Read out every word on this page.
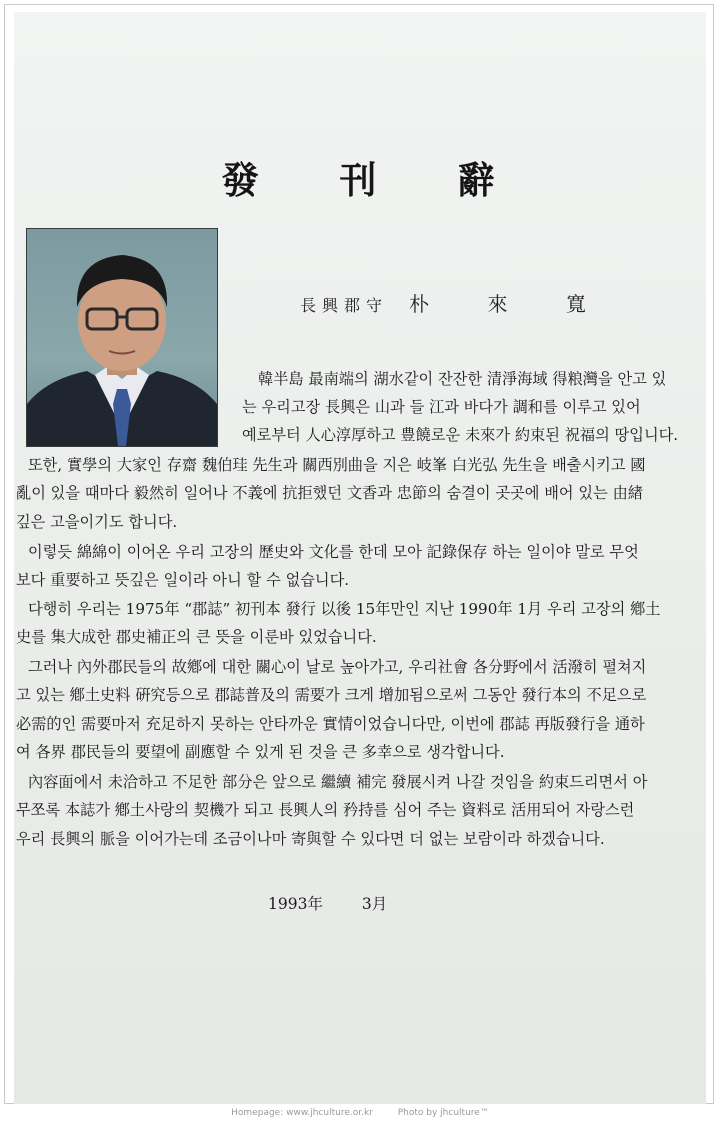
發 刊 辭
長興郡守 朴 來 寬
韓半島 最南端의 湖水같이 잔잔한 清淨海域 得粮灣을 안고 있
는 우리고장 長興은 山과 들 江과 바다가 調和를 이루고 있어
예로부터 人心淳厚하고 豊饒로운 未來가 約束된 祝福의 땅입니다.
또한, 實學의 大家인 存齋 魏伯珪 先生과 關西別曲을 지은 岐峯 白光弘 先生을 배출시키고 國
亂이 있을 때마다 毅然히 일어나 不義에 抗拒했던 文香과 忠節의 숨결이 곳곳에 배어 있는 由緖
깊은 고을이기도 합니다.
이렇듯 綿綿이 이어온 우리 고장의 歷史와 文化를 한데 모아 記錄保存 하는 일이야 말로 무엇
보다 重要하고 뜻깊은 일이라 아니 할 수 없습니다.
다행히 우리는 1975年 “郡誌” 初刊本 發行 以後 15年만인 지난 1990年 1月 우리 고장의 鄕土
史를 集大成한 郡史補正의 큰 뜻을 이룬바 있었습니다.
그러나 內外郡民들의 故鄕에 대한 關心이 날로 높아가고, 우리社會 各分野에서 活潑히 펼쳐지
고 있는 鄕土史料 硏究등으로 郡誌普及의 需要가 크게 增加됨으로써 그동안 發行本의 不足으로
必需的인 需要마저 充足하지 못하는 안타까운 實情이었습니다만, 이번에 郡誌 再版發行을 通하
여 各界 郡民들의 要望에 副應할 수 있게 된 것을 큰 多幸으로 생각합니다.
內容面에서 未洽하고 不足한 部分은 앞으로 繼續 補完 發展시켜 나갈 것임을 約束드리면서 아
무쪼록 本誌가 鄕土사랑의 契機가 되고 長興人의 矜持를 심어 주는 資料로 活用되어 자랑스런
우리 長興의 脈을 이어가는데 조금이나마 寄與할 수 있다면 더 없는 보람이라 하겠습니다.
1993年	3月
Homepage: www.jhculture.or.kr	Photo by jhculture™
